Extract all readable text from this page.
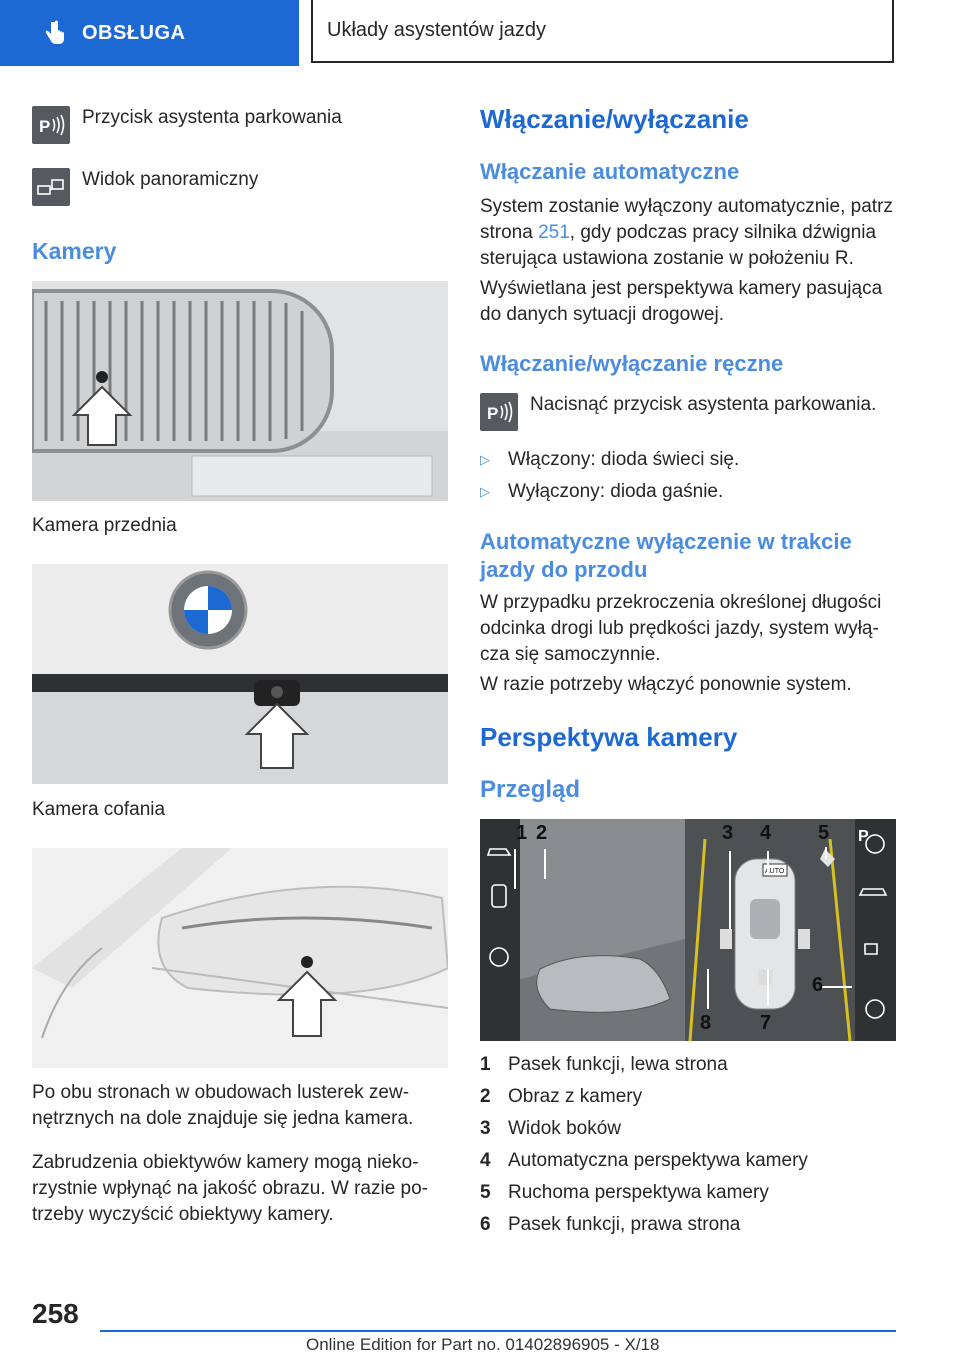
OBSŁUGA	Układy asystentów jazdy
P Przycisk asystenta parkowania
Widok panoramiczny
Kamery

Kamera przednia

Kamera cofania

Po obu stronach w obudowach lusterek zewnętrznych na dole znajduje się jedna kamera.

Zabrudzenia obiektywów kamery mogą niekorzystnie wpłynąć na jakość obrazu. W razie potrzeby wyczyścić obiektywy kamery.

Włączanie/wyłączanie
Włączanie automatyczne

System zostanie wyłączony automatycznie, patrz strona 251, gdy podczas pracy silnika dźwignia sterująca ustawiona zostanie w położeniu R.

Wyświetlana jest perspektywa kamery pasująca do danych sytuacji drogowej.

Włączanie/wyłączanie ręczne
P Nacisnąć przycisk asystenta parkowania.
▷ Włączony: dioda świeci się.
▷ Wyłączony: dioda gaśnie.
Automatyczne wyłączenie w trakcie jazdy do przodu

W przypadku przekroczenia określonej długości odcinka drogi lub prędkości jazdy, system wyłącza się samoczynnie.

W razie potrzeby włączyć ponownie system.

Perspektywa kamery
Przegląd
AUTO
P
1 2	3 4 5
6
7
8
1 Pasek funkcji, lewa strona
2 Obraz z kamery
3 Widok boków
4 Automatyczna perspektywa kamery
5 Ruchoma perspektywa kamery
6 Pasek funkcji, prawa strona
258
Online Edition for Part no. 01402896905 - X/18
